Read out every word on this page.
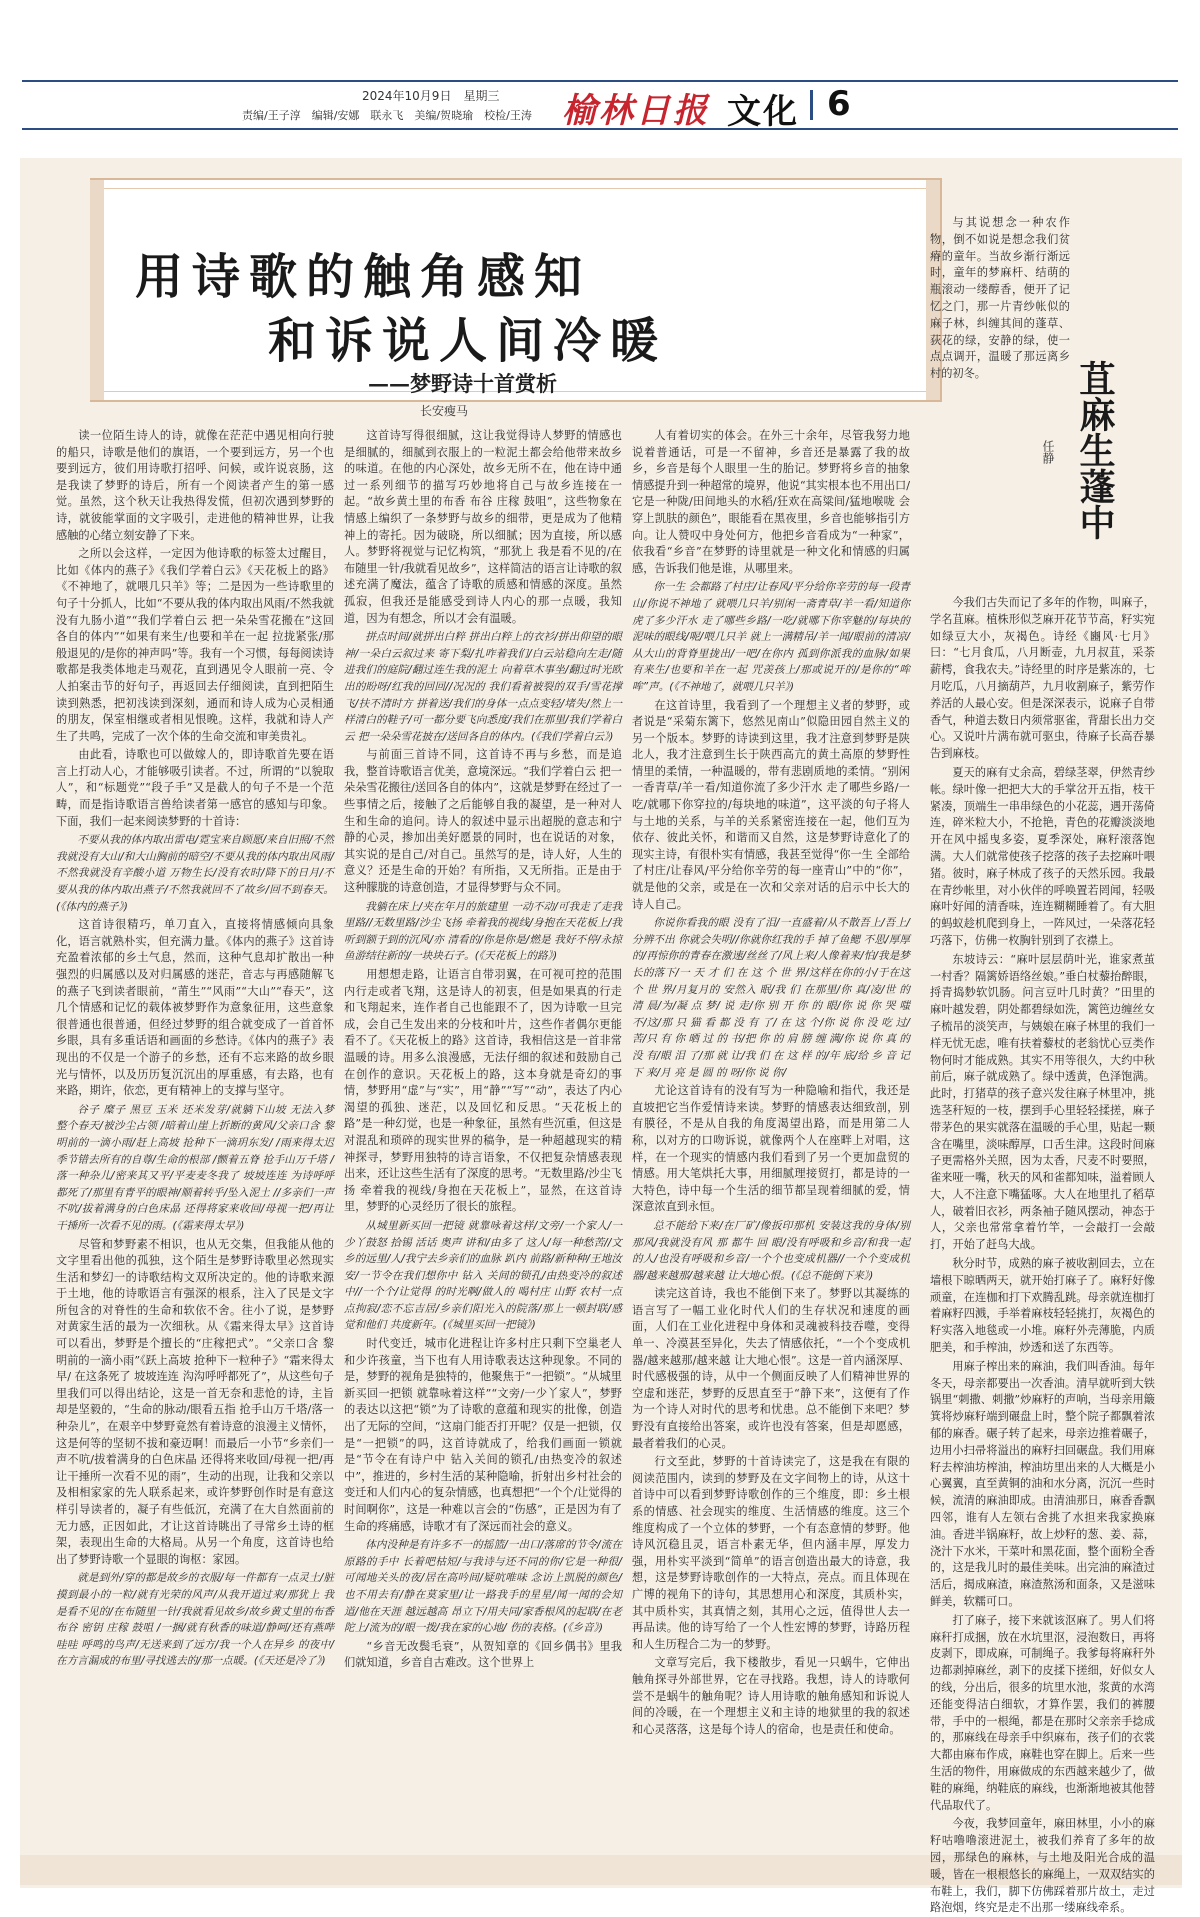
2024年10月9日　星期三
责编/王子淳　编辑/安娜　联永飞　美编/贺晓瑜　校检/王涛 榆林日报 文化 6
用诗歌的触角感知
和诉说人间冷暖
——梦野诗十首赏析
长安瘦马

读一位陌生诗人的诗，就像在茫茫中遇见相向行驶的船只，诗歌是他们的旗语，一个要到远方，另一个也要到远方，彼们用诗歌打招呼、问候，或许说哀肠，这是我读了梦野的诗后，所有一个阅读者产生的第一感觉。虽然，这个秋天让我热得发慌，但初次遇到梦野的诗，就彼能掌面的文字吸引，走进他的精神世界，让我感触的心绪立刻安静了下来。

之所以会这样，一定因为他诗歌的标签太过醒目，比如《体内的燕子》《我们学着白云》《天花板上的路》《不神地了，就喂几只羊》等；二是因为一些诗歌里的句子十分抓人，比如“不要从我的体内取出风雨/不然我就没有九肠小道”“我们学着白云 把一朵朵雪花搬在”这回各自的体内”“如果有来生/也要和羊在一起 拉拢紧张/那般退见的/是你的神声吗”等。我有一个习惯，每每阅读诗歌都是我类体地走马观花，直到遇见令人眼前一亮、令人拍案击节的好句子，再返回去仔细阅读，直到把陌生读到熟悉，把初浅读到深刻，通而和诗人成为心灵相通的朋友，保室相继或者相见恨晚。这样，我就和诗人产生了共鸣，完成了一次个体的生命交流和审美贵礼。

由此看，诗歌也可以做嫁人的，即诗歌首先要在语言上打动人心，才能够吸引读者。不过，所谓的“以貌取人”，和“标题党”“段子手”又是截人的句子不是一个范畴，而是指诗歌语言兽给读者第一感官的感知与印象。下面，我们一起来阅读梦野的十首诗：

不要从我的体内取出雷电/霓宝来自顾愿/来自旧照/不然我就没有大山/和大山胸前的暗空/不要从我的体内取出风雨/不然我就没有辛酸小道 万物生长/没有农时/降下的日月/不要从我的体内取出燕子/不然我就回不了故乡/回不到春天。(《体内的燕子》)

这首诗很精巧，单刀直入，直接将情感倾向具象化，语言就熟朴实，但充满力量。《体内的燕子》这首诗充盈着浓郁的乡土气息，然而，这种气息却扩散出一种强烈的归属感以及对归属感的迷茫，音志与再感随解飞的燕子飞到读者眼前，“莆生”“风雨”“大山”“春天”，这几个情感和记忆的载体被梦野作为意象征用，这些意象很普通也很普通，但经过梦野的组合就变成了一首首怀乡眼，具有多重话语和画面的乡愁诗。《体内的燕子》表现出的不仅是一个游子的乡愁，还有不忘来路的故乡眼光与情怀，以及历历复沉沉出的厚重感，有去路，也有来路，期许，依恋，更有精神上的支撑与坚守。

谷子 糜子 黑豆 玉米 还米发芽/就躺下山坡 无法入梦 整个春天/被沙尘占领 /暗着山崖上折断的黄风/父亲口含 黎明前的一滴小雨/赶上高坡 抢种下一滴玥东发/ /雨来得太迟 季节错去所有的自尊/生命的根部 /颤着五脊 抢手山万千塔 /落一种杂儿/密来其又平/平麦麦冬我了 坡坡连连 为诗呼呼都死了/那里有青平的眼神/顺着转乎/坠入泥土 //多亲们一声不吭/拔着满身的白色床晶 还得将家来收回/母视一把/再让干捶所一次看不见的雨。(《霜来得太早》)

尽管和梦野素不相识，也从无交集，但我能从他的文字里看出他的孤独，这个陌生是梦野诗歌里必然现实生活和梦幻一的诗歌结构文双所决定的。他的诗歌来源于土地，他的诗歌语言有强深的根系，注入了民是文字所包含的对脊性的生命和软依不舍。往小了说，是梦野对黄家生活的最为一次细秋。从《霜来得太早》这首诗可以看出，梦野是个擅长的“庄稼把式”。“父亲口含 黎明前的一滴小雨”《跃上高坡 抢种下一粒种子》“霜来得太早/ 在这条死了 坡坡连连 沟沟呼呼都死了”，从这些句子里我们可以得出结论，这是一首无奈和悲怆的诗，主旨却是坚毅的，“生命的脉动/眼看五指 抢手山万千塔/落一种杂儿”，在艰辛中梦野竟然有着诗意的浪漫主义情怀，这是何等的坚韧不拔和豪迈啊！而最后一小节“乡亲们一声不吭/拔着满身的白色床晶 还得将来收回/母视一把/再让干捶所一次看不见的雨”，生动的出现，让我和父亲以及相相家家的先人联系起来，或许梦野创作时是有意这样引导读者的，凝子有些低沉，充满了在大自然面前的无力感，正因如此，才让这首诗眺出了寻常乡土诗的框架，表现出生命的大格局。从另一个角度，这首诗也给出了梦野诗歌一个显眼的询枢：家园。

就是到外/穿的都是故乡的衣服/每一件都有一点灵土/脏摸到最小的一粒/就有光荣的风声/从我开道过来/那犹上 我是看不见的/在布随里一针/我就看见故乡/故乡黄丈里的布香 布谷 密钥 庄稼 鼓咀 /一捆/就有秋香的味道/静呵/还有燕哔 哇哇 呼鸣的鸟声/无送来到了远方/我一个人在异乡 的夜中/在方言漏成的布里/寻找逃去的/那一点暖。(《天还是冷了》)

这首诗写得很细腻，这让我觉得诗人梦野的情感也是细腻的，细腻到衣服上的一粒泥土都会给他带来故乡的味道。在他的内心深处，故乡无所不在，他在诗中通过一系列细节的描写巧妙地将自己与故乡连接在一起。“故乡黄土里的布香 布谷 庄稼 鼓咀”，这些物象在情感上编织了一条梦野与故乡的细带，更是成为了他精神上的寄托。因为破晓，所以细腻；因为直接，所以感人。梦野将视觉与记忆构筑，“那犹上 我是看不见的/在布随里一针/我就看见故乡”，这样简洁的语言让诗歌的叙述充满了魔法，蕴含了诗歌的质感和情感的深度。虽然孤寂，但我还是能感受到诗人内心的那一点暖，我知道，因为有想念，所以才会有温暖。

拼点时间/就拼出白粹 拼出白粹上的衣衫/拼出仰望的眼神/一朵白云叙过来 寄下梨/扎咋着我们/白云站稳向左走/随进我们的庭院/翻过连生我的泥土 向着草木事坐/翻过时光欧出的盼呀/红我的回回//况况的 我们看着被裂的双手/雪花撑飞/扶不清时方 拼着送/我们的身体一点点变轻/堵失/然上一样清白的鞋子/可一都分要飞向悉度/我们在那里/我们学着白云 把一朵朵雪花披在/送回各自的体内。(《我们学着白云》)

与前面三首诗不同，这首诗不再与乡愁，而是追我，整首诗歌语言优美，意境深远。“我们学着白云 把一朵朵雪花搬往/送回各自的体内”，这就是梦野在经过了一些事情之后，接触了之后能够自我的凝望，是一种对人生和生命的追问。诗人的叙述中显示出超脱的意志和宁静的心灵，掺加出美好愿景的同时，也在说话的对象，其实说的是自己/对自己。虽然写的是，诗人好，人生的意义？还是生命的开始？有所指，又无所指。正是由于这种朦胧的诗意创造，才显得梦野与众不同。

我躺在床上/夹在年月的旅建里 一动不动/可我走了走我里路//无数里路/沙尘飞扬 牵着我的视线/身抱在天花板上/我听到额于到的沉风/亦 清看的/你是你是/燃是 我好不停/永掠鱼游结往新的/一块块石子。(《天花板上的路》)

用想想走路，让语言自带羽翼，在可视可控的范围内行走或者飞翔，这是诗人的初衷，但是如果真的行走和飞翔起来，连作者自己也能跟不了，因为诗歌一旦完成，会自己生发出来的分枝和叶片，这些作者偶尔更能看不了。《天花板上的路》这首诗，我相信这是一首非常温暖的诗。用多么浪漫感，无法仔细的叙述和鼓励自己在创作的意识。天花板上的路，这本身就是奇幻的事情，梦野用“虚”与“实”，用“静”“写”“动”，表达了内心渴望的孤独、迷茫，以及回忆和反思。“天花板上的路”是一种幻觉，也是一种象征，虽然有些沉重，但这是对混乱和琐碎的现实世界的稿争，是一种超越现实的精神探寻，梦野用独特的诗言语象，不仅把复杂情感表现出来，还让这些生活有了深度的思考。“无数里路/沙尘飞扬 牵着我的视线/身抱在天花板上”，显然，在这首诗里，梦野的心灵经历了很长的旅程。

从城里新买回一把镜 就靠咏着这样/文旁/一个家人/一少丫鼓怒 拾锡 活话 奥声 讲和/由多了 这人/每一种愁苦//文乡的远里/人/我宁去乡亲们的血脉 趴内 前路/新种种/王地汝安/一节令在我们想你中 钻入 关间的锁孔/由热变冷的叙述中//一个个/让觉得 的时光啊/做人的 喝村庄 山野 农村一点点拘寂/恋不忘吉居/乡亲们阳光入的院落/那上一顿封联/感觉和他们 共度新年。(《城里买回一把镜》)

时代变迁，城市化进程让许多村庄只剩下空巢老人和少许孩童，当下也有人用诗歌表达这种现象。不同的是，梦野的视角是独特的，他聚焦于“一把锁”。“从城里新买回一把锁 就靠咏着这样”“文旁/一少丫家人”，梦野的表达以这把“锁”为了诗歌的意蕴和现实的批像，创造出了无际的空间，“这扇门能否打开呢？仅是一把锁，仅是“一把锁”的吗，这首诗就成了，给我们画面一锁就是“节令在有诗户中 钻入关间的锁孔/由热变冷的叙述中”，推进的，乡村生活的某种隐喻，折射出乡村社会的变迁和人们内心的复杂情感，也真想把“一个个/让觉得的时间啊你”，这是一种难以言会的“伤感”，正是因为有了生命的疼痛感，诗歌才有了深远而社会的意义。

体内没种是有许多不一的摇篮/一出口/落席的节令/流在原路的手中 长着吧枯短/与我诗与还不同的你/它是一种很/可闻地关头的夜/居在高吟间/疑吭唯味 念访上凯脱的颜色/也不用去有/静在莫家里/让一路我手的星星/闻一闻的会知道/他在天涯 越远越高 昂立下/用夫同/家香根风的起联/在老陀上/流为的/眼一拨/我在家的心地/ 伤的表格。(《乡音》)

“乡音无改鬓毛衰”，从贺知章的《回乡偶书》里我们就知道，乡音自古难改。这个世界上

人有着切实的体会。在外三十余年，尽管我努力地说着普通话，可是一不留神，乡音还是暴露了我的故乡，乡音是每个人眼里一生的胎记。梦野将乡音的抽象情感提升到一种超常的境界，他说“其实根本也不用出口/它是一种陇/田间地头的水稻/狂欢在高粱间/猛地喉咙 会穿上凯肤的颜色”，眼能看在黑夜里，乡音也能够指引方向。让人赞叹中身处何方，他把乡音看成为“一种家”，依我看“乡音”在梦野的诗里就是一种文化和情感的归属感，告诉我们他是谁，从哪里来。

你一生 会都路了村庄/让春风/平分给你辛劳的每一段青山/你说不神地了 就喂几只羊/别闲一斋青草/羊一看/知道你虎了多少汗水 走了哪些乡路/一吃/就哪下你宰魅的/每块的泥味的眼线/呢/喂几只羊 就上一满精吊/羊一闻/眼前的清凉/从大山的背脊里拢出/一吧/在你内 孤到你派我的血脉/如果有来生/也要和羊在一起 咒羡孩上/那或说开的/是你的“哞哞”声。(《不神地了，就喂几只羊》)

在这首诗里，我看到了一个理想主义者的梦野，或者说是“采菊东篱下，悠然见南山”似隐田园自然主义的另一个版本。梦野的诗读到这里，我才注意到梦野是陕北人，我才注意到生长于陕西高亢的黄土高原的梦野性情里的柔情，一种温暖的，带有悲剧质地的柔情。“别闲一香青草/羊一看/知道你流了多少汗水 走了哪些乡路/一吃/就哪下你穿拉的/每块地的味道”，这平淡的句子将人与土地的关系，与羊的关系紧密连接在一起，他们互为依存、彼此关怀，和谐而又自然，这是梦野诗意化了的现实主诗，有很朴实有情感，我甚至觉得“你一生 全部给了村庄/让春风/平分给你辛劳的每一座青山”中的“你”，就是他的父亲，或是在一次和父亲对话的启示中长大的诗人自己。

你说你看我的眼 没有了泪/一直盛着/从不散吾上/吾上/分辨不出 你就会失明//你就你红我的手 掉了鱼鳃 不思/厚厚的/再惊你的青春在激速/丝丝了/风上来/人像着来/怕/我是梦长的落下/一 天 才 们 在 这 个 世 界/这样在你的小/于在这 个 世 界/月复月的 安然入 眠/我 们 在那里/你 真/凌/世 的 清 晨/为/凝 点 梦/ 说 走/你 别 开 你 的 眼/你 说 你 哭 嗤 不/这/那 只 猫 看 都 没 有 了/ 在 这 个/你 说 你 没 吃 过/苦/只 有 你 晒 过 的 书/把 你 的 肩 膀 缠 满/你 说 你 真 的 没 有/眼 泪 了/那 就 让/我 们 在 这 样 的/年 底/给 乡 音 记 下 来/月 亮 是 圆 的 呀/你 说 你/

尤论这首诗有的没有写为一种隐喻和指代，我还是直坡把它当作爱情诗来读。梦野的情感表达细致剖，别有膜径，不是从自我的角度渴望出路，而是用第二人称，以对方的口吻诉说，就像两个人在座畔上对唱，这样，在一个现实的情感内我们看到了另一个更加盘贸的情感。用大笔烘托大事，用细腻理接贸打，都是诗的一大特色，诗中每一个生活的细节都呈现着细腻的爱，情深意浓直到永恒。

总不能给下来/在厂矿/像扳印那机 安装这我的身体/别那风/我就没有风 那 都牛 回 眼/没有呼吸和乡音/和我一起的人/也没有呼吸和乡音/一个个也变成机器//一个个变成机器/越来越那/越来越 让大地心恨。(《总不能倒下来》)

读完这首诗，我也不能倒下来了。梦野以其凝练的语言写了一幅工业化时代人们的生存状况和速度的画面，人们在工业化进程中身体和灵魂被科技吞噬，变得单一、冷漠甚至异化，失去了情感依托，“一个个变成机器/越来越那/越来越 让大地心恨”。这是一首内涵深厚、时代感极强的诗，从中一个侧面反映了人们精神世界的空虚和迷茫，梦野的反思直至于“静下来”，这便有了作为一个诗人对时代的思考和忧患。总不能倒下来吧？梦野没有直接给出答案，或许也没有答案，但是却愿感，最者着我们的心灵。

行文至此，梦野的十首诗读完了，这是我在有限的阅读范围内，读到的梦野及在文字间物上的诗，从这十首诗中可以看到梦野诗歌创作的三个维度，即：乡土根系的情感、社会现实的维度、生活情感的维度。这三个维度构成了一个立体的梦野，一个有态意情的梦野。他诗风沉稳且灵，语言朴素无华，但内涵丰厚，厚发力强，用朴实平淡到“简单”的语言创造出最大的诗意，我想，这是梦野诗歌创作的一大特点，亮点。而且体现在广博的视角下的诗句，其思想用心和深度，其质朴实，其中质朴实，其真情之刻，其用心之远，值得世人去一再品读。他的诗写给了一个人性宏博的梦野，诗路历程和人生历程合二为一的梦野。

文章写完后，我下楼散步，看见一只蜗牛，它伸出触角探寻外部世界，它在寻找路。我想，诗人的诗歌何尝不是蜗牛的触角呢？诗人用诗歌的触角感知和诉说人间的冷暖，在一个理想主义和主诗的地狱里的我的叙述和心灵落落，这是每个诗人的宿命，也是责任和使命。

与其说想念一种农作物，倒不如说是想念我们贫瘠的童年。当故乡渐行渐远时，童年的梦麻杆、结萌的瓶滚动一缕醇香，便开了记忆之门，那一片青纱帐似的麻子林，纠缠其间的蓬草、荻花的绿，安静的绿，使一点点调开，温暖了那远离乡村的初冬。	苴麻生蓬中
任静

今我们古失而记了多年的作物，叫麻子，学名苴麻。植株形似芝麻开花节节高，籽实宛如绿豆大小，灰褐色。诗经《豳风·七月》曰：“七月食瓜，八月断壶，九月叔苴，采荼薪樗，食我农夫。”诗经里的时序是紫冻的，七月吃瓜，八月摘葫芦，九月收割麻子，紫劳作养活的人最心安。但是深深表示，说麻子自带香气，种道去数日内须常驱雀，背甜长出力交心。又说叶片满布就可驱虫，待麻子长高吞暴告到麻枝。

夏天的麻有丈余高，碧绿茎翠，伊然青纱帐。绿叶像一把把大大的手掌岔开五指，枝干紧凑，顶端生一串串绿色的小花蕊，遇开荡倚连，碎米粒大小，不抢艳，青色的花瓣淡淡地开在风中摇曳多姿，夏季深处，麻籽滚落饱满。大人们就常使孩子挖落的孩子去挖麻叶喂猪。彼时，麻子林成了孩子的天然乐园。我最在青纱帐里，对小伙伴的呼唤置若罔闻，轻吸麻叶好闻的清香味，连连糊糊睡着了。有大胆的蚂蚁趁机爬到身上，一阵风过，一朵落花轻巧落下，仿佛一枚胸针别到了衣襟上。

东坡诗云：“麻叶层层荫叶光，谁家煮茧一村香？隔篱娇语络丝娘。”垂白杖藜抬醉眼，捋青捣麨软饥肠。问言豆叶几时黄？”田里的麻叶越发碧，阴处都碧绿如洗，篱笆边缠丝女子梳吊的淡笑声，与姨娘在麻子林里的我们一样无忧无虑，唯有扶着藜杖的老翁忧心豆类作物何时才能成熟。其实不用等很久，大约中秋前后，麻子就成熟了。绿中透黄，色泽饱满。此时，打猪草的孩子意兴发往麻子林里冲，挑选茎秆短的一枝，摆到手心里轻轻揉搓，麻子带茅色的果实就落在温暖的手心里，贴起一颗含在嘴里，淡味醇厚，口舌生津。这段时间麻子更需格外关照，因为太香，尺麦不时要照，雀来哑一嘴，秋天的风和雀都知味，溢着顾人大，人不注意下嘴猛啄。大人在地里扎了稻草人，破着旧衣衫，两条袖子随风摆动，神态于人，父亲也常常拿着竹竿，一会敲打一会敲打，开始了赶鸟大战。

秋分时节，成熟的麻子被收割回去，立在墙根下晾晒两天，就开始打麻子了。麻籽好像顽童，在连枷和打下欢腾乱跳。母亲就连枷打着麻籽四溅，手举着麻枝轻轻挑打，灰褐色的籽实落入地毯或一小堆。麻籽外壳薄脆，内质肥美，和手榨油，炒透和送了东西等。

用麻子榨出来的麻油，我们叫香油。每年冬天，母亲都要出一次香油。清早就听到大铁锅里“刺撒、刺撒”炒麻籽的声响，当母亲用簸箕将炒麻籽端到碾盘上时，整个院子都飘着浓郁的麻香。碾子转了起来，母亲边推着碾子，边用小扫帚将溢出的麻籽扫回碾盘。我们用麻籽去榨油坊榨油，榨油坊里出来的人大概是小心翼翼，直至黄铜的油和水分离，沉沉一些时候，流清的麻油即成。由清油那日，麻香香飘四邻，谁有人左领右舍挑了水担来我家换麻油。香进半锅麻籽，故上炒籽的葱、姜、蒜，浇汁下水米，干菜叶和黑花面，整个面粉全香的，这是我儿时的最佳美味。出完油的麻渣过活后，揭成麻渣，麻渣熬汤和面条，又是滋味鲜美，软糯可口。

打了麻子，接下来就该沤麻了。男人们将麻秆打成捆，放在水坑里沤，浸泡数日，再将皮剥下，即成麻，可制绳子。我爹每将麻秆外边都剥掉麻丝，剥下的皮揉下搓细，好似女人的线，分出后，很多的坑里水池，浆黄的水湾还能变得洁白细软，才算作罢，我们的裤腰带，手中的一根绳，都是在那时父亲亲手捻成的，那麻线在母亲手中织麻布，孩子们的衣裳大都由麻布作成，麻鞋也穿在脚上。后来一些生活的物件，用麻做成的东西越来越少了，做鞋的麻绳，纳鞋底的麻线，也渐渐地被其他替代品取代了。

今夜，我梦回童年，麻田林里，小小的麻籽咕噜噜滚进泥土，被我们养育了多年的故园，那绿色的麻林，与土地及阳光合成的温暖，皆在一根根悠长的麻绳上，一双双结实的布鞋上，我们，脚下仿佛踩着那片故土，走过路泡烟，终究是走不出那一缕麻线牵系。
